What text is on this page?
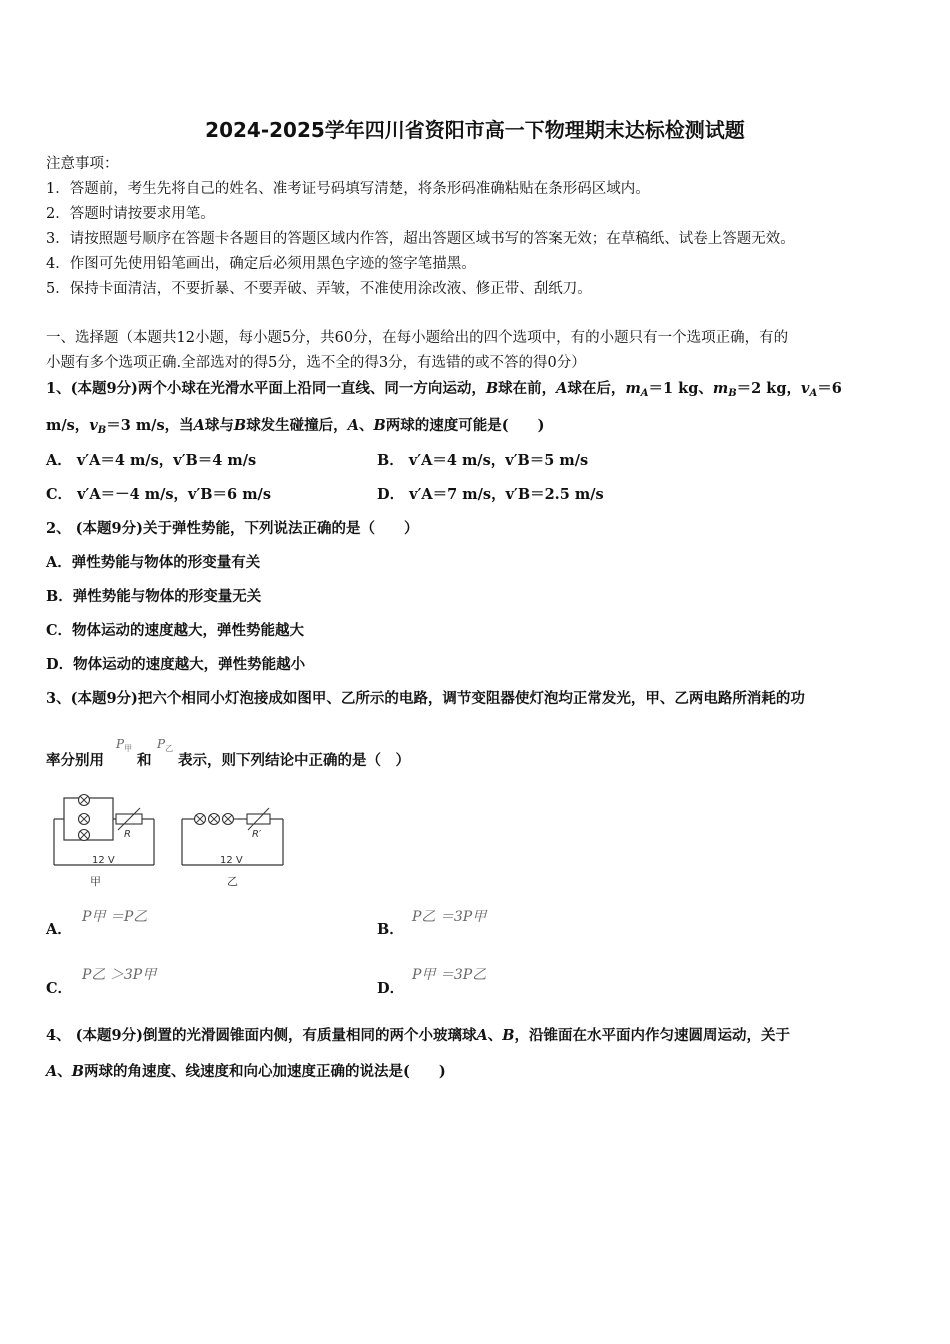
2024-2025学年四川省资阳市高一下物理期末达标检测试题
注意事项：
1．答题前，考生先将自己的姓名、准考证号码填写清楚，将条形码准确粘贴在条形码区域内。
2．答题时请按要求用笔。
3．请按照题号顺序在答题卡各题目的答题区域内作答，超出答题区域书写的答案无效；在草稿纸、试卷上答题无效。
4．作图可先使用铅笔画出，确定后必须用黑色字迹的签字笔描黑。
5．保持卡面清洁，不要折暴、不要弄破、弄皱，不准使用涂改液、修正带、刮纸刀。
一、选择题（本题共12小题，每小题5分，共60分，在每小题给出的四个选项中，有的小题只有一个选项正确，有的
小题有多个选项正确.全部选对的得5分，选不全的得3分，有选错的或不答的得0分）
1、(本题9分)两个小球在光滑水平面上沿同一直线、同一方向运动，B球在前，A球在后，$m_A=1$ kg、$m_B=2$ kg，$v_A=6$
m/s，$v_B=3$ m/s，当A球与B球发生碰撞后，A、B两球的速度可能是(　　)
A． v′A＝4 m/s，v′B＝4 m/s	B． v′A＝4 m/s，v′B＝5 m/s
C． v′A＝－4 m/s，v′B＝6 m/s	D． v′A＝7 m/s，v′B＝2.5 m/s
2、 (本题9分)关于弹性势能，下列说法正确的是（　　）
A．弹性势能与物体的形变量有关
B．弹性势能与物体的形变量无关
C．物体运动的速度越大，弹性势能越大
D．物体运动的速度越大，弹性势能越小
3、(本题9分)把六个相同小灯泡接成如图甲、乙所示的电路，调节变阻器使灯泡均正常发光，甲、乙两电路所消耗的功
率分别用
$P_甲$
和
$P_乙$
表示，则下列结论中正确的是（　）
R	R′
12 V	12 V
甲	乙
A．
P甲 ＝P乙
B．
P乙 ＝3P甲
C．
P乙 ＞3P甲
D．
P甲 ＝3P乙
4、 (本题9分)倒置的光滑圆锥面内侧，有质量相同的两个小玻璃球A、B，沿锥面在水平面内作匀速圆周运动，关于
A、B两球的角速度、线速度和向心加速度正确的说法是(　　)
